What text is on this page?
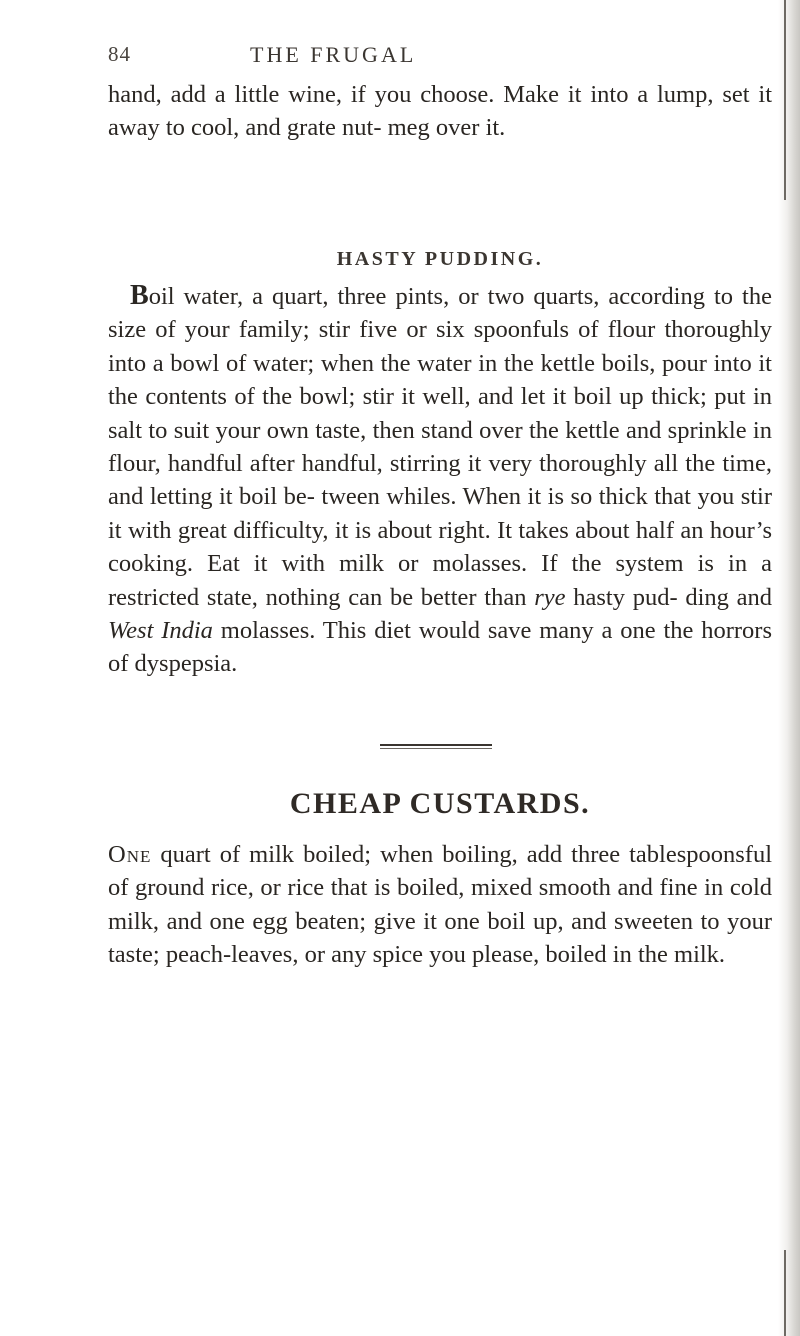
84	THE FRUGAL

hand, add a little wine, if you choose. Make it into a lump, set it away to cool, and grate nut- meg over it.

HASTY PUDDING.

Boil water, a quart, three pints, or two quarts, according to the size of your family; stir five or six spoonfuls of flour thoroughly into a bowl of water; when the water in the kettle boils, pour into it the contents of the bowl; stir it well, and let it boil up thick; put in salt to suit your own taste, then stand over the kettle and sprinkle in flour, handful after handful, stirring it very thoroughly all the time, and letting it boil be- tween whiles. When it is so thick that you stir it with great difficulty, it is about right. It takes about half an hour’s cooking. Eat it with milk or molasses. If the system is in a restricted state, nothing can be better than rye hasty pud- ding and West India molasses. This diet would save many a one the horrors of dyspepsia.

CHEAP CUSTARDS.

One quart of milk boiled; when boiling, add three tablespoonsful of ground rice, or rice that is boiled, mixed smooth and fine in cold milk, and one egg beaten; give it one boil up, and sweeten to your taste; peach-leaves, or any spice you please, boiled in the milk.
